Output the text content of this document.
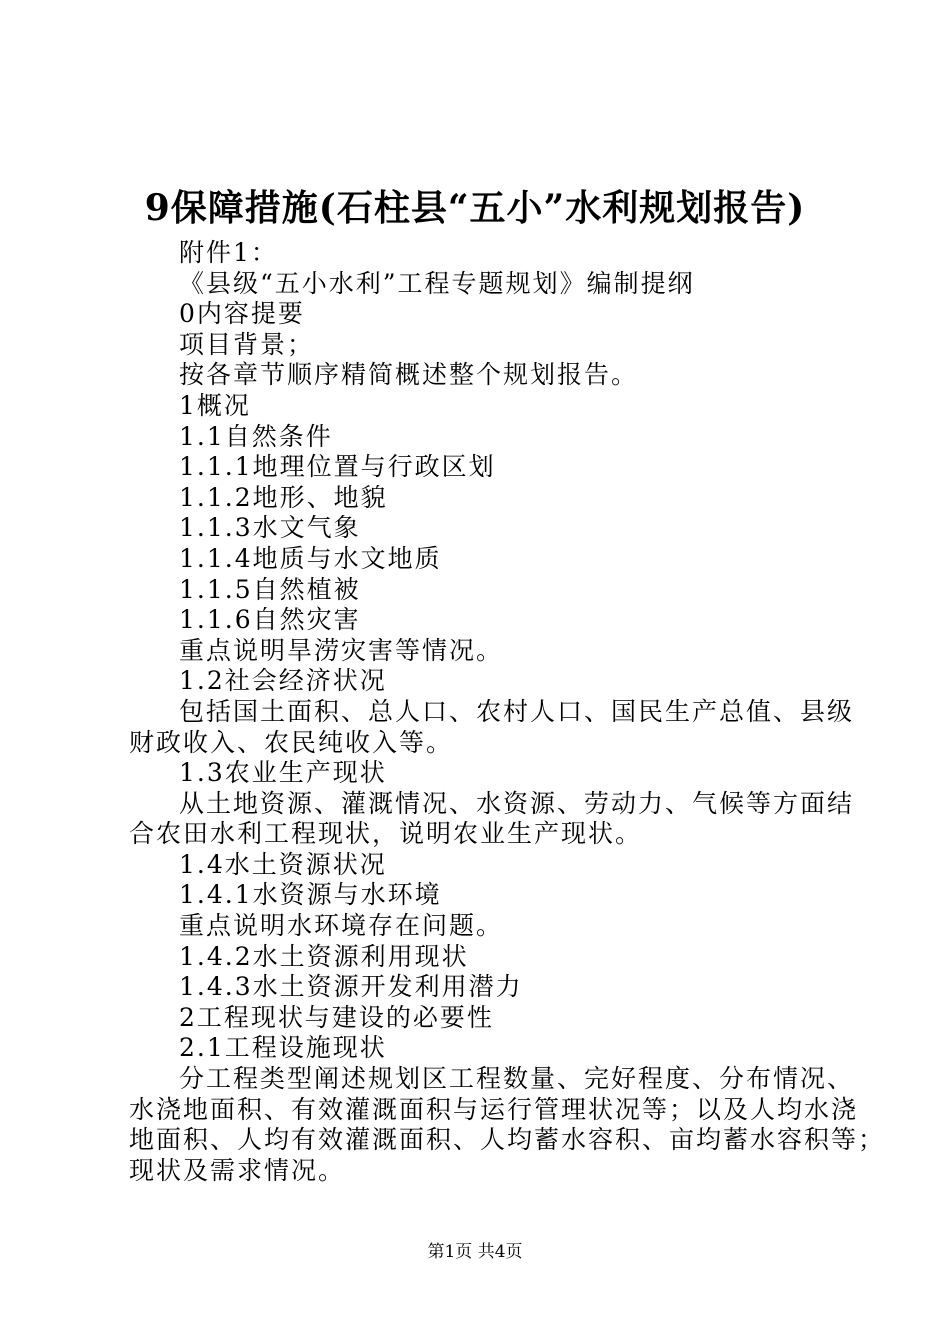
9保障措施(石柱县“五小”水利规划报告)
附件1：
《县级“五小水利”工程专题规划》编制提纲
0内容提要
项目背景；
按各章节顺序精简概述整个规划报告。
1概况
1.1自然条件
1.1.1地理位置与行政区划
1.1.2地形、地貌
1.1.3水文气象
1.1.4地质与水文地质
1.1.5自然植被
1.1.6自然灾害
重点说明旱涝灾害等情况。
1.2社会经济状况
包括国土面积、总人口、农村人口、国民生产总值、县级
财政收入、农民纯收入等。
1.3农业生产现状
从土地资源、灌溉情况、水资源、劳动力、气候等方面结
合农田水利工程现状，说明农业生产现状。
1.4水土资源状况
1.4.1水资源与水环境
重点说明水环境存在问题。
1.4.2水土资源利用现状
1.4.3水土资源开发利用潜力
2工程现状与建设的必要性
2.1工程设施现状
分工程类型阐述规划区工程数量、完好程度、分布情况、
水浇地面积、有效灌溉面积与运行管理状况等；以及人均水浇
地面积、人均有效灌溉面积、人均蓄水容积、亩均蓄水容积等；
现状及需求情况。
第1页 共4页
